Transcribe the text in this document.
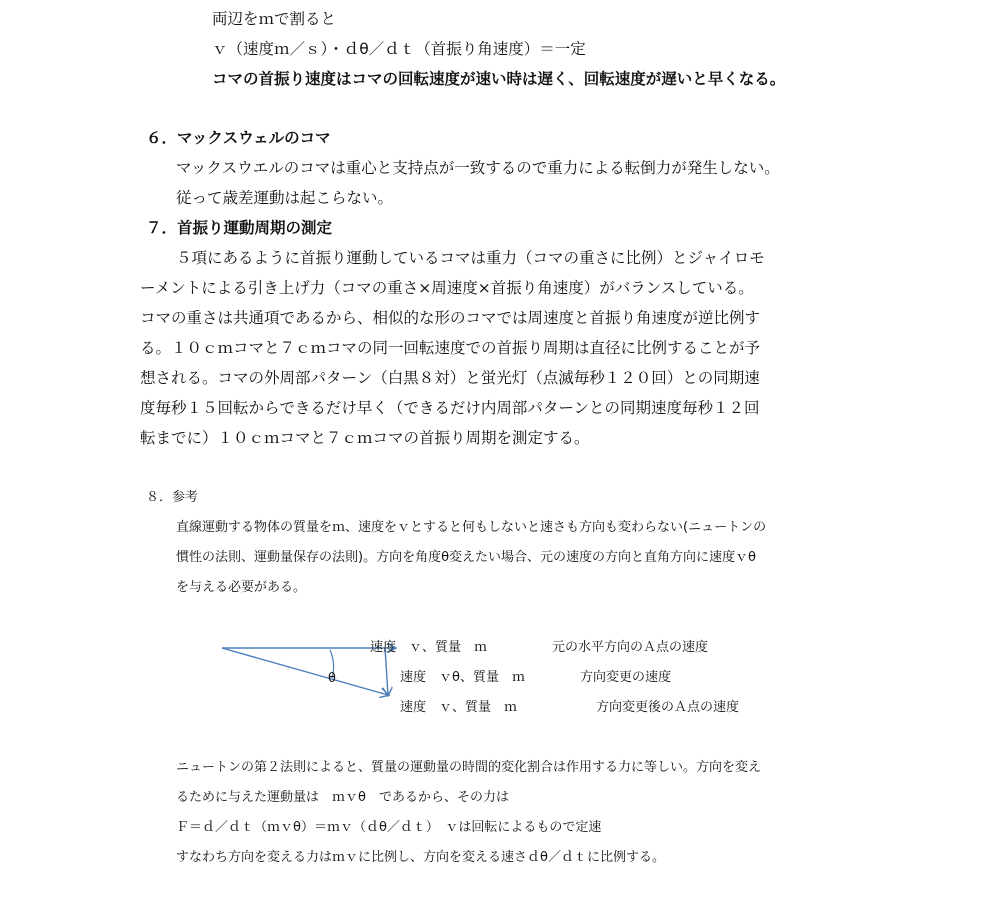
両辺をｍで割ると
ｖ（速度ｍ／ｓ）・ｄθ／ｄｔ（首振り角速度）＝一定
コマの首振り速度はコマの回転速度が速い時は遅く、回転速度が遅いと早くなる。
６．マックスウェルのコマ
マックスウエルのコマは重心と支持点が一致するので重力による転倒力が発生しない。
従って歳差運動は起こらない。
７．首振り運動周期の測定
５項にあるように首振り運動しているコマは重力（コマの重さに比例）とジャイロモ
ーメントによる引き上げ力（コマの重さ×周速度×首振り角速度）がバランスしている。
コマの重さは共通項であるから、相似的な形のコマでは周速度と首振り角速度が逆比例す
る。１０ｃｍコマと７ｃｍコマの同一回転速度での首振り周期は直径に比例することが予
想される。コマの外周部パターン（白黒８対）と蛍光灯（点滅毎秒１２０回）との同期速
度毎秒１５回転からできるだけ早く（できるだけ内周部パターンとの同期速度毎秒１２回
転までに）１０ｃｍコマと７ｃｍコマの首振り周期を測定する。
８．参考
直線運動する物体の質量をｍ、速度をｖとすると何もしないと速さも方向も変わらない(ニュートンの
慣性の法則、運動量保存の法則)。方向を角度θ変えたい場合、元の速度の方向と直角方向に速度ｖθ
を与える必要がある。
θ
速度　ｖ、質量　ｍ	元の水平方向のＡ点の速度
速度　ｖθ、質量　ｍ	方向変更の速度
速度　ｖ、質量　ｍ	方向変更後のＡ点の速度
ニュートンの第２法則によると、質量の運動量の時間的変化割合は作用する力に等しい。方向を変え
るために与えた運動量は　ｍｖθ　であるから、その力は
Ｆ＝ｄ／ｄｔ（ｍｖθ）＝ｍｖ（ｄθ／ｄｔ）　ｖは回転によるもので定速
すなわち方向を変える力はｍｖに比例し、方向を変える速さｄθ／ｄｔに比例する。
